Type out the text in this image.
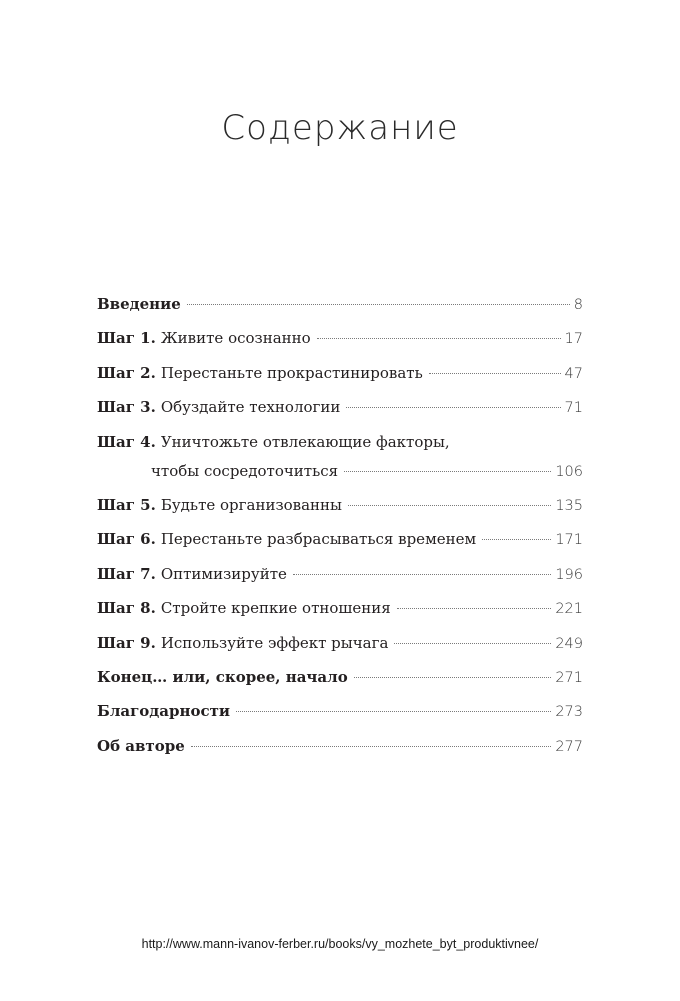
Содержание
Введение	8
Шаг 1. Живите осознанно	17
Шаг 2. Перестаньте прокрастинировать	47
Шаг 3. Обуздайте технологии	71
Шаг 4. Уничтожьте отвлекающие факторы,
чтобы сосредоточиться	106
Шаг 5. Будьте организованны	135
Шаг 6. Перестаньте разбрасываться временем	171
Шаг 7. Оптимизируйте	196
Шаг 8. Стройте крепкие отношения	221
Шаг 9. Используйте эффект рычага	249
Конец… или, скорее, начало	271
Благодарности	273
Об авторе	277
http://www.mann-ivanov-ferber.ru/books/vy_mozhete_byt_produktivnee/
